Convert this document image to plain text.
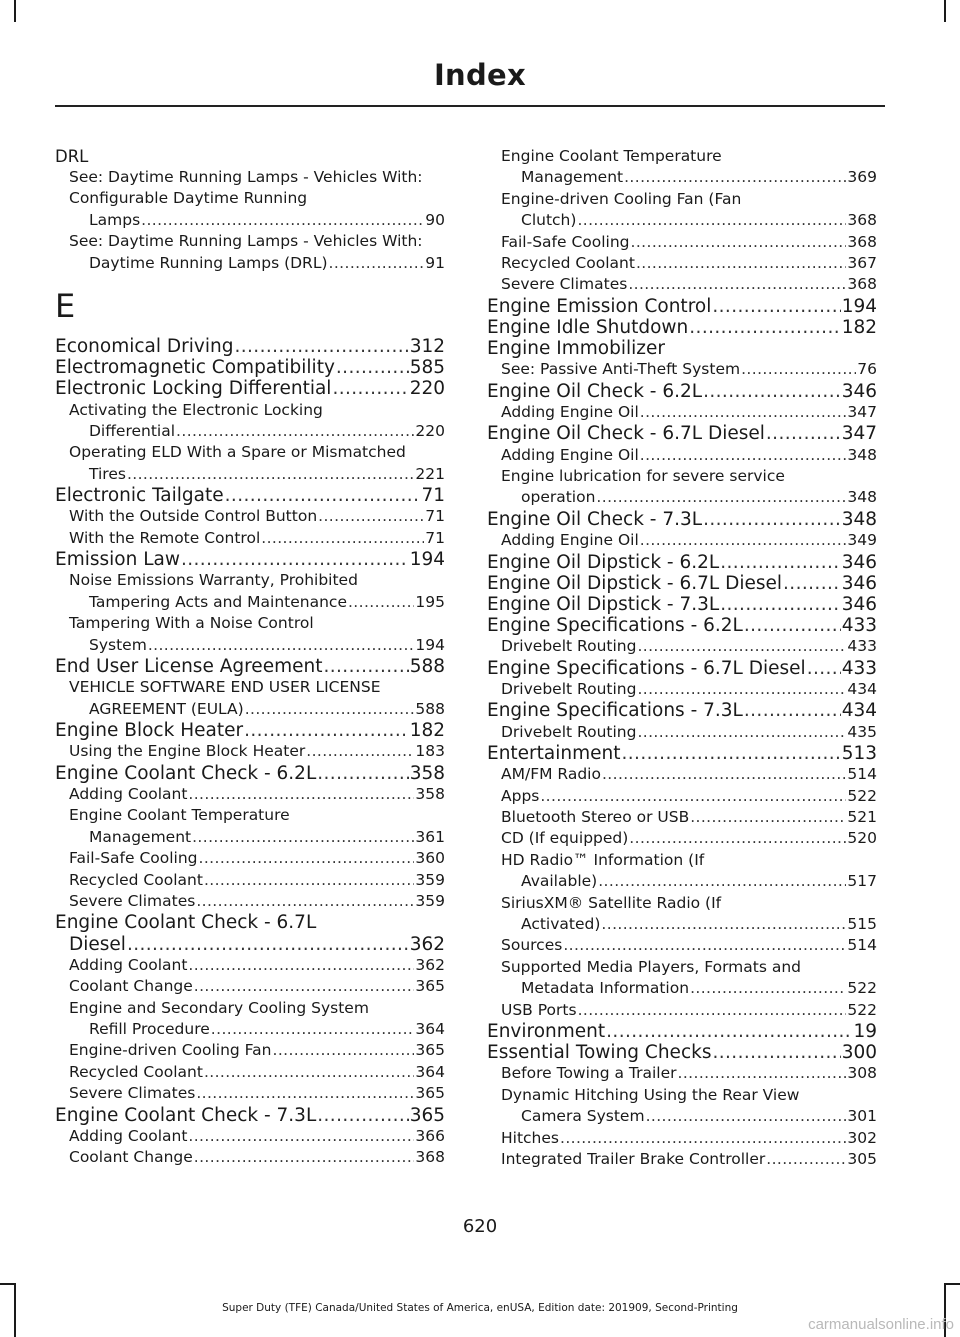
Index
DRL
See: Daytime Running Lamps - Vehicles With:
Configurable Daytime Running
Lamps .....	90
See: Daytime Running Lamps - Vehicles With:
Daytime Running Lamps (DRL) .....	91
E
Economical Driving .....	312
Electromagnetic Compatibility .....	585
Electronic Locking Differential .....	220
Activating the Electronic Locking
Differential .....	220
Operating ELD With a Spare or Mismatched
Tires .....	221
Electronic Tailgate .....	71
With the Outside Control Button .....	71
With the Remote Control .....	71
Emission Law .....	194
Noise Emissions Warranty, Prohibited
Tampering Acts and Maintenance .....	195
Tampering With a Noise Control
System .....	194
End User License Agreement .....	588
VEHICLE SOFTWARE END USER LICENSE
AGREEMENT (EULA) .....	588
Engine Block Heater .....	182
Using the Engine Block Heater .....	183
Engine Coolant Check - 6.2L .....	358
Adding Coolant .....	358
Engine Coolant Temperature
Management .....	361
Fail-Safe Cooling .....	360
Recycled Coolant .....	359
Severe Climates .....	359
Engine Coolant Check - 6.7L
Diesel .....	362
Adding Coolant .....	362
Coolant Change .....	365
Engine and Secondary Cooling System
Refill Procedure .....	364
Engine-driven Cooling Fan .....	365
Recycled Coolant .....	364
Severe Climates .....	365
Engine Coolant Check - 7.3L .....	365
Adding Coolant .....	366
Coolant Change .....	368
Engine Coolant Temperature
Management .....	369
Engine-driven Cooling Fan (Fan
Clutch) .....	368
Fail-Safe Cooling .....	368
Recycled Coolant .....	367
Severe Climates .....	368
Engine Emission Control .....	194
Engine Idle Shutdown .....	182
Engine Immobilizer
See: Passive Anti-Theft System .....	76
Engine Oil Check - 6.2L .....	346
Adding Engine Oil .....	347
Engine Oil Check - 6.7L Diesel .....	347
Adding Engine Oil .....	348
Engine lubrication for severe service
operation .....	348
Engine Oil Check - 7.3L .....	348
Adding Engine Oil .....	349
Engine Oil Dipstick - 6.2L .....	346
Engine Oil Dipstick - 6.7L Diesel .....	346
Engine Oil Dipstick - 7.3L .....	346
Engine Specifications - 6.2L .....	433
Drivebelt Routing .....	433
Engine Specifications - 6.7L Diesel ..... 433
Drivebelt Routing .....	434
Engine Specifications - 7.3L .....	434
Drivebelt Routing .....	435
Entertainment .....	513
AM/FM Radio .....	514
Apps .....	522
Bluetooth Stereo or USB .....	521
CD (If equipped) .....	520
HD Radio™ Information (If
Available) .....	517
SiriusXM® Satellite Radio (If
Activated) .....	515
Sources .....	514
Supported Media Players, Formats and
Metadata Information .....	522
USB Ports .....	522
Environment .....	19
Essential Towing Checks .....	300
Before Towing a Trailer .....	308
Dynamic Hitching Using the Rear View
Camera System .....	301
Hitches .....	302
Integrated Trailer Brake Controller .....	305
620
Super Duty (TFE) Canada/United States of America, enUSA, Edition date: 201909, Second-Printing
carmanualsonline.info
